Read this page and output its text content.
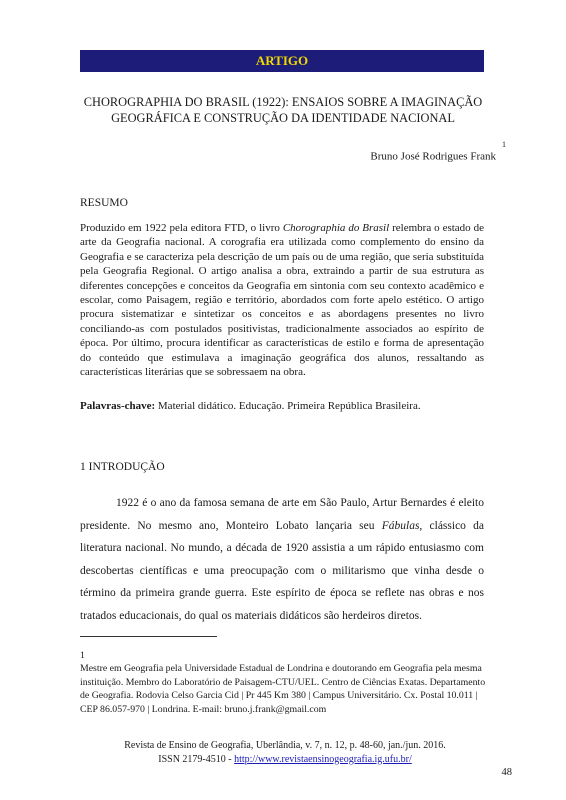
ARTIGO
CHOROGRAPHIA DO BRASIL (1922): ENSAIOS SOBRE A IMAGINAÇÃO
GEOGRÁFICA E CONSTRUÇÃO DA IDENTIDADE NACIONAL
Bruno José Rodrigues Frank$^1$
RESUMO
Produzido em 1922 pela editora FTD, o livro Chorographia do Brasil relembra o estado de arte da Geografia nacional. A corografia era utilizada como complemento do ensino da Geografia e se caracteriza pela descrição de um país ou de uma região, que seria substituída pela Geografia Regional. O artigo analisa a obra, extraindo a partir de sua estrutura as diferentes concepções e conceitos da Geografia em sintonia com seu contexto acadêmico e escolar, como Paisagem, região e território, abordados com forte apelo estético. O artigo procura sistematizar e sintetizar os conceitos e as abordagens presentes no livro conciliando-as com postulados positivistas, tradicionalmente associados ao espírito de época. Por último, procura identificar as características de estilo e forma de apresentação do conteúdo que estimulava a imaginação geográfica dos alunos, ressaltando as características literárias que se sobressaem na obra.
Palavras-chave: Material didático. Educação. Primeira República Brasileira.
1 INTRODUÇÃO
1922 é o ano da famosa semana de arte em São Paulo, Artur Bernardes é eleito presidente. No mesmo ano, Monteiro Lobato lançaria seu Fábulas, clássico da literatura nacional. No mundo, a década de 1920 assistia a um rápido entusiasmo com descobertas científicas e uma preocupação com o militarismo que vinha desde o término da primeira grande guerra. Este espírito de época se reflete nas obras e nos tratados educacionais, do qual os materiais didáticos são herdeiros diretos.
1
Mestre em Geografia pela Universidade Estadual de Londrina e doutorando em Geografia pela mesma instituição. Membro do Laboratório de Paisagem-CTU/UEL. Centro de Ciências Exatas. Departamento de Geografia. Rodovia Celso Garcia Cid | Pr 445 Km 380 | Campus Universitário. Cx. Postal 10.011 | CEP 86.057-970 | Londrina. E-mail: bruno.j.frank@gmail.com
Revista de Ensino de Geografia, Uberlândia, v. 7, n. 12, p. 48-60, jan./jun. 2016.
ISSN 2179-4510 - http://www.revistaensinogeografia.ig.ufu.br/
48
